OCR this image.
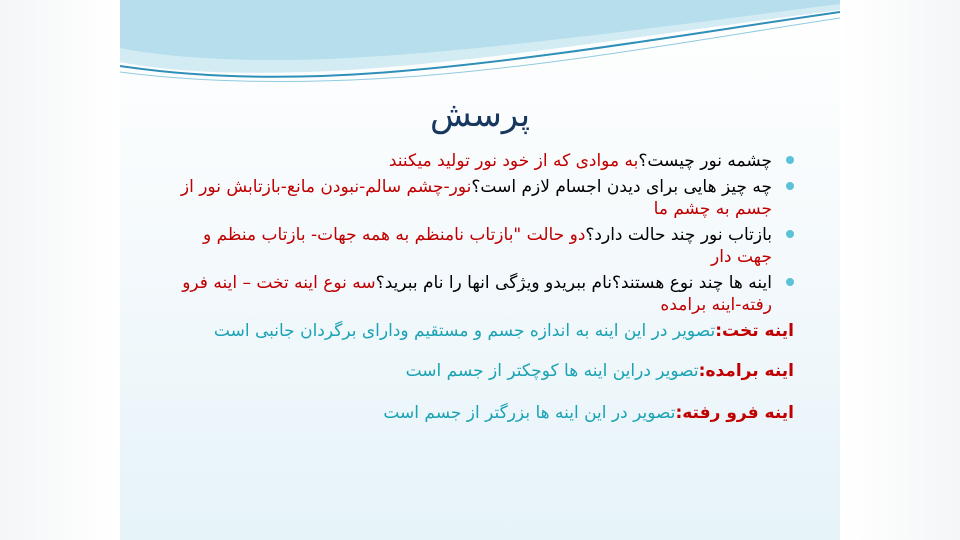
پرسش
چشمه نور چیست؟به موادی که از خود نور تولید میکنند
چه چیز هایی برای دیدن اجسام لازم است؟نور-چشم سالم-نبودن مانع-بازتابش نور از جسم به چشم ما
بازتاب نور چند حالت دارد؟دو حالت "بازتاب نامنظم به همه جهات- بازتاب منظم و جهت دار
اینه ها چند نوع هستند؟نام ببریدو ویژگی انها را نام ببرید؟سه نوع اینه تخت – اینه فرو رفته-اینه برامده
اینه تخت:تصویر در این اینه به اندازه جسم و مستقیم ودارای برگردان جانبی است
اینه برامده:تصویر دراین اینه ها کوچکتر از جسم است
اینه فرو رفته:تصویر در این اینه ها بزرگتر از جسم است
